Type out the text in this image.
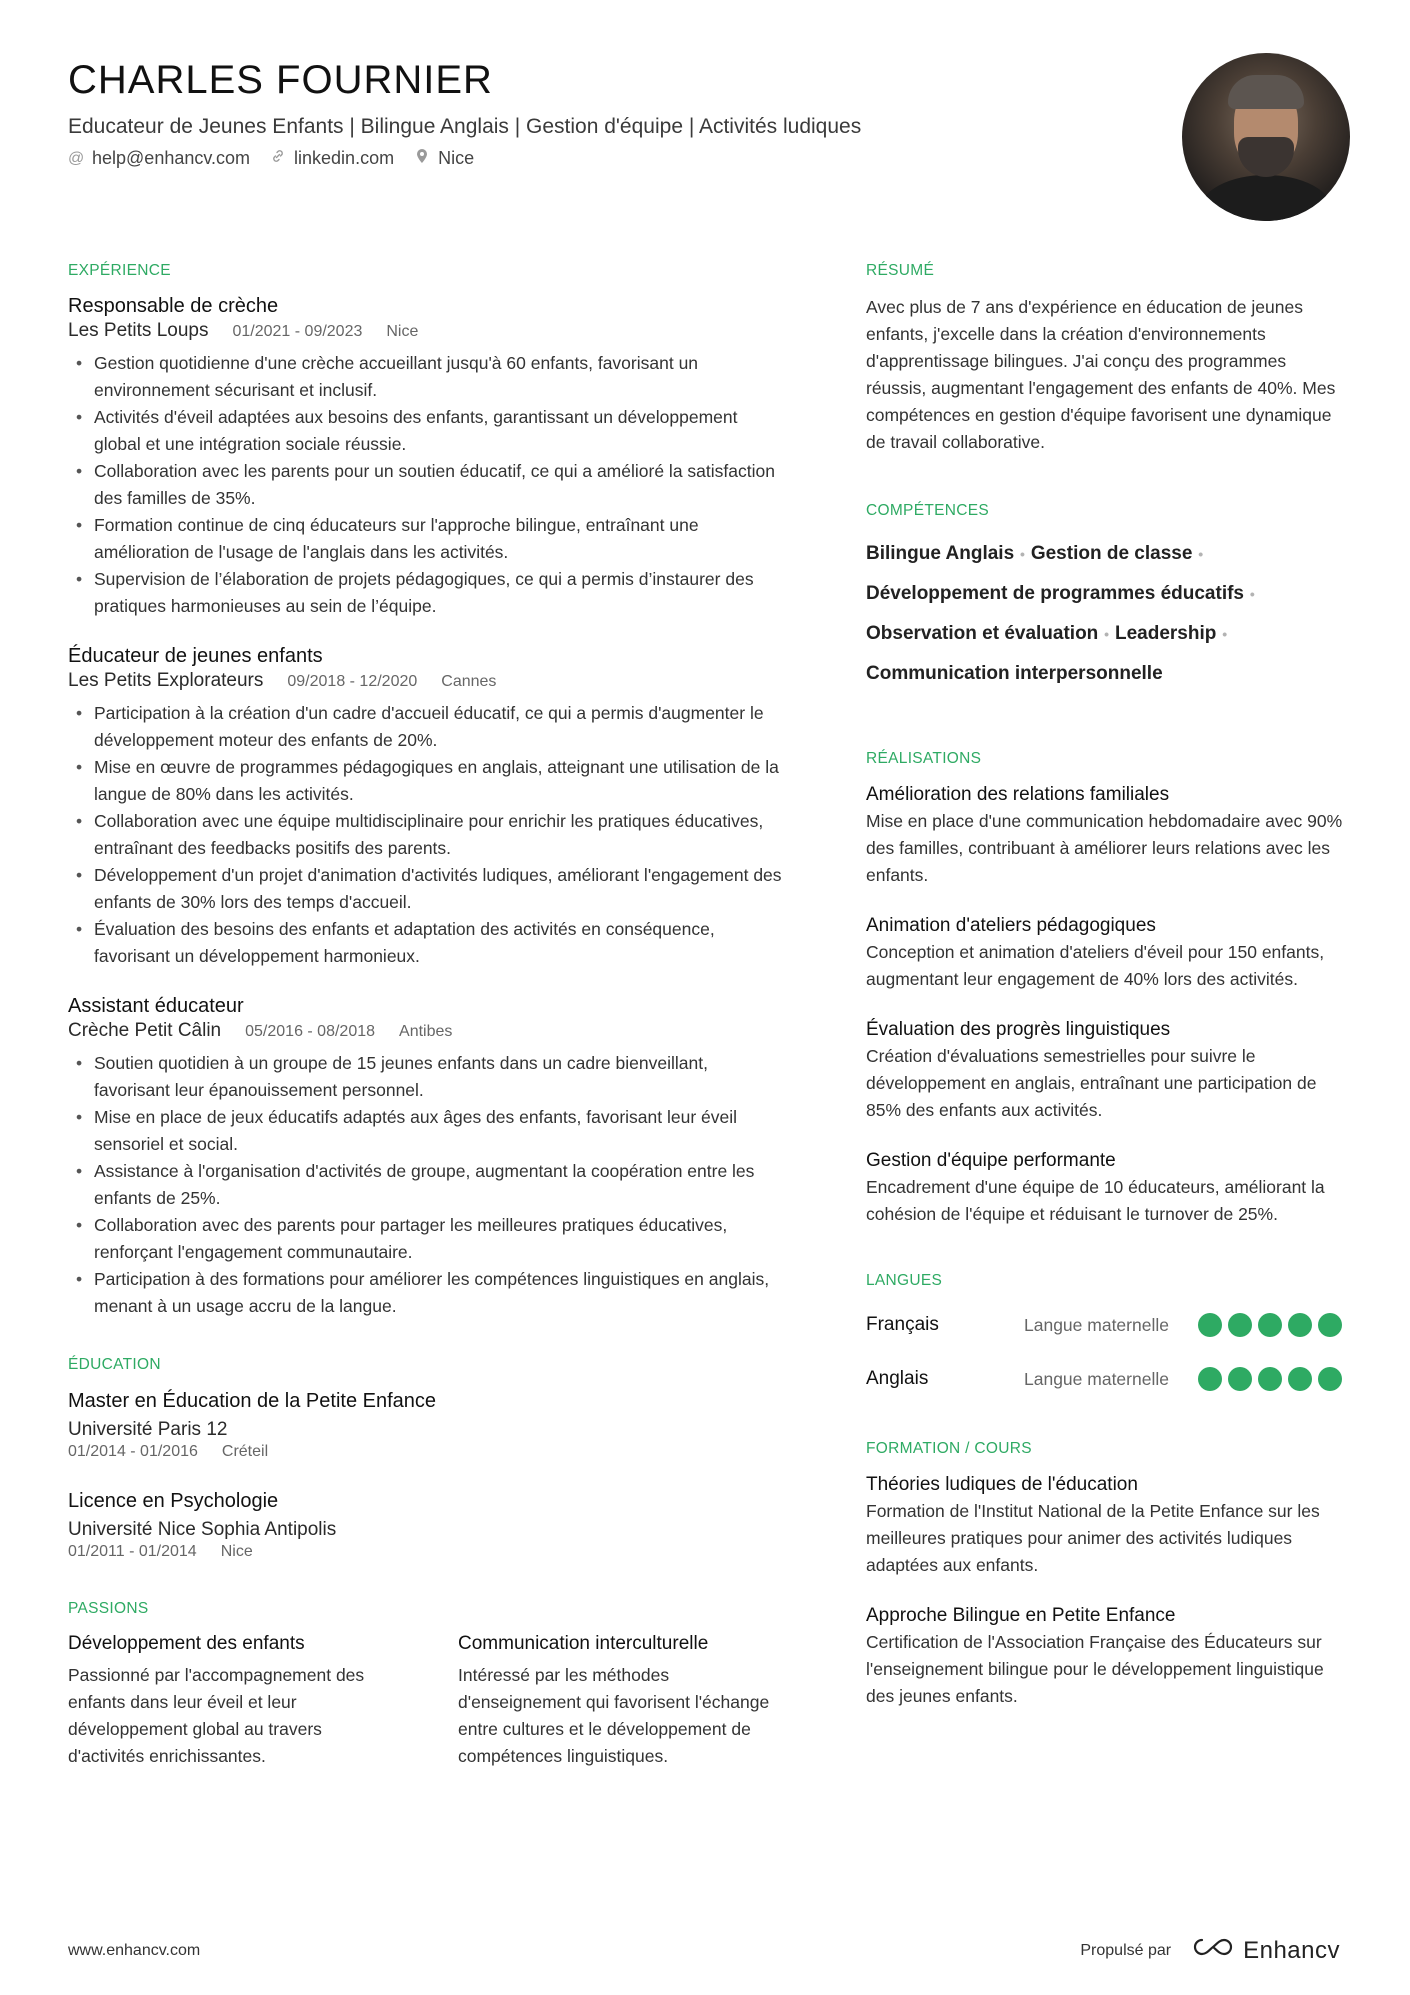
CHARLES FOURNIER
Educateur de Jeunes Enfants | Bilingue Anglais | Gestion d'équipe | Activités ludiques
@ help@enhancv.com linkedin.com Nice
EXPÉRIENCE
Responsable de crèche
Les Petits Loups 01/2021 - 09/2023 Nice
• Gestion quotidienne d'une crèche accueillant jusqu'à 60 enfants, favorisant un environnement sécurisant et inclusif.
• Activités d'éveil adaptées aux besoins des enfants, garantissant un développement global et une intégration sociale réussie.
• Collaboration avec les parents pour un soutien éducatif, ce qui a amélioré la satisfaction des familles de 35%.
• Formation continue de cinq éducateurs sur l'approche bilingue, entraînant une amélioration de l'usage de l'anglais dans les activités.
• Supervision de l’élaboration de projets pédagogiques, ce qui a permis d’instaurer des pratiques harmonieuses au sein de l’équipe.
Éducateur de jeunes enfants
Les Petits Explorateurs 09/2018 - 12/2020 Cannes
• Participation à la création d'un cadre d'accueil éducatif, ce qui a permis d'augmenter le développement moteur des enfants de 20%.
• Mise en œuvre de programmes pédagogiques en anglais, atteignant une utilisation de la langue de 80% dans les activités.
• Collaboration avec une équipe multidisciplinaire pour enrichir les pratiques éducatives, entraînant des feedbacks positifs des parents.
• Développement d'un projet d'animation d'activités ludiques, améliorant l'engagement des enfants de 30% lors des temps d'accueil.
• Évaluation des besoins des enfants et adaptation des activités en conséquence, favorisant un développement harmonieux.
Assistant éducateur
Crèche Petit Câlin 05/2016 - 08/2018 Antibes
• Soutien quotidien à un groupe de 15 jeunes enfants dans un cadre bienveillant, favorisant leur épanouissement personnel.
• Mise en place de jeux éducatifs adaptés aux âges des enfants, favorisant leur éveil sensoriel et social.
• Assistance à l'organisation d'activités de groupe, augmentant la coopération entre les enfants de 25%.
• Collaboration avec des parents pour partager les meilleures pratiques éducatives, renforçant l'engagement communautaire.
• Participation à des formations pour améliorer les compétences linguistiques en anglais, menant à un usage accru de la langue.
ÉDUCATION
Master en Éducation de la Petite Enfance
Université Paris 12
01/2014 - 01/2016 Créteil
Licence en Psychologie
Université Nice Sophia Antipolis
01/2011 - 01/2014 Nice
PASSIONS
Développement des enfants
Passionné par l'accompagnement des enfants dans leur éveil et leur développement global au travers d'activités enrichissantes.
Communication interculturelle
Intéressé par les méthodes d'enseignement qui favorisent l'échange entre cultures et le développement de compétences linguistiques.
RÉSUMÉ
Avec plus de 7 ans d'expérience en éducation de jeunes enfants, j'excelle dans la création d'environnements d'apprentissage bilingues. J'ai conçu des programmes réussis, augmentant l'engagement des enfants de 40%. Mes compétences en gestion d'équipe favorisent une dynamique de travail collaborative.
COMPÉTENCES
Bilingue Anglais • Gestion de classe •
Développement de programmes éducatifs •
Observation et évaluation • Leadership •
Communication interpersonnelle
RÉALISATIONS
Amélioration des relations familiales
Mise en place d'une communication hebdomadaire avec 90% des familles, contribuant à améliorer leurs relations avec les enfants.
Animation d'ateliers pédagogiques
Conception et animation d'ateliers d'éveil pour 150 enfants, augmentant leur engagement de 40% lors des activités.
Évaluation des progrès linguistiques
Création d'évaluations semestrielles pour suivre le développement en anglais, entraînant une participation de 85% des enfants aux activités.
Gestion d'équipe performante
Encadrement d'une équipe de 10 éducateurs, améliorant la cohésion de l'équipe et réduisant le turnover de 25%.
LANGUES
Français	Langue maternelle
Anglais	Langue maternelle
FORMATION / COURS
Théories ludiques de l'éducation
Formation de l'Institut National de la Petite Enfance sur les meilleures pratiques pour animer des activités ludiques adaptées aux enfants.
Approche Bilingue en Petite Enfance
Certification de l'Association Française des Éducateurs sur l'enseignement bilingue pour le développement linguistique des jeunes enfants.
www.enhancv.com	Propulsé par	Enhancv
